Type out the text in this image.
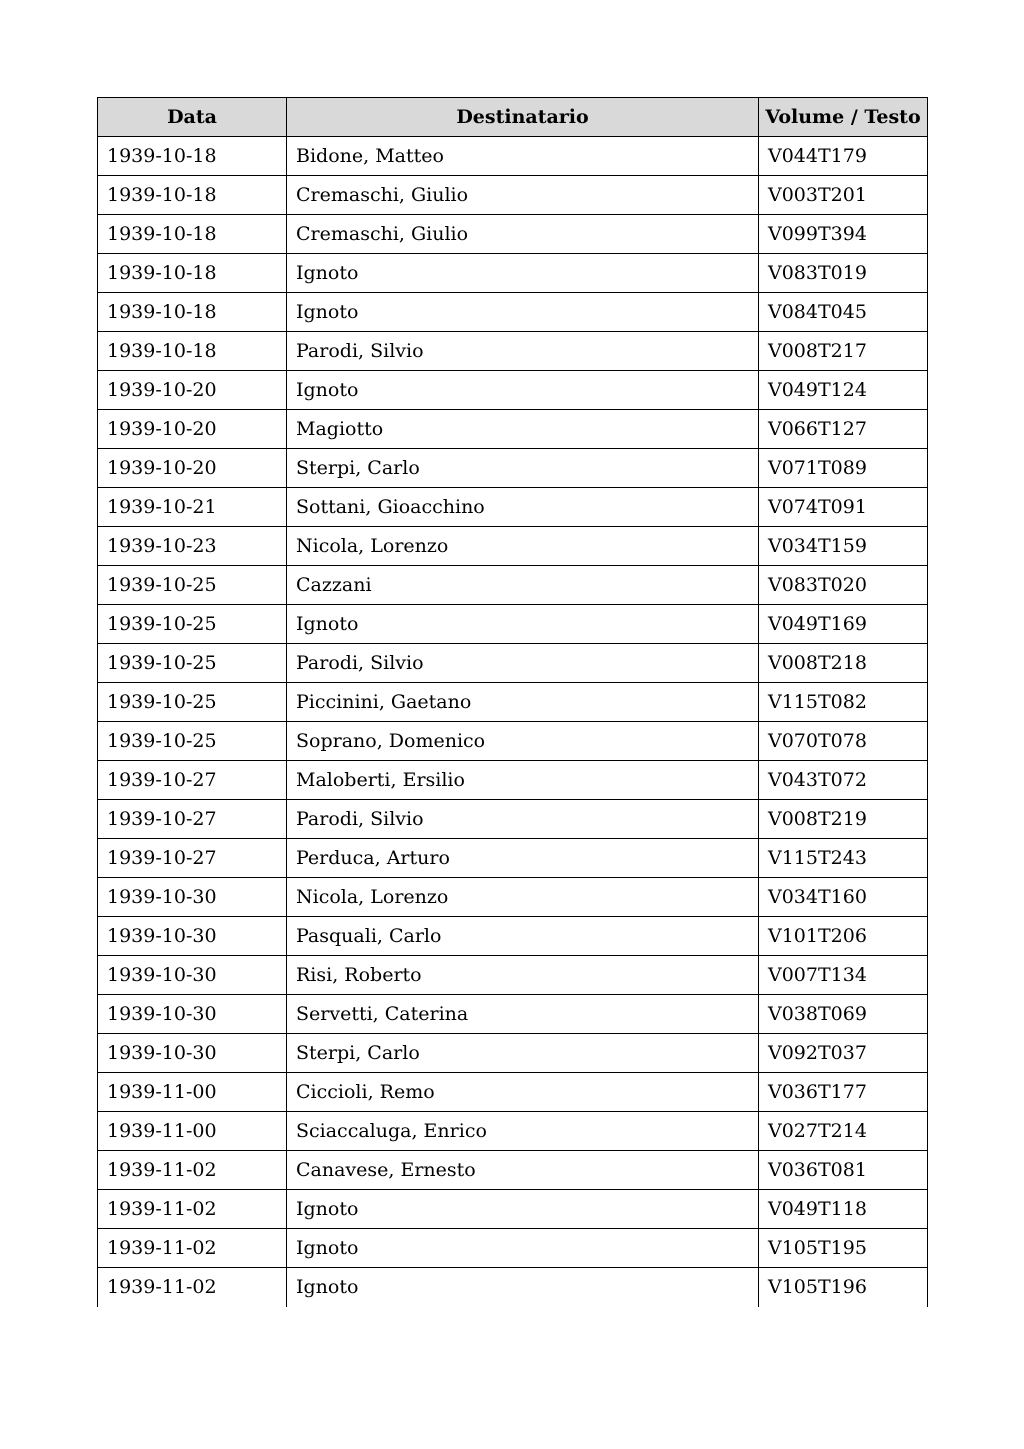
Data	Destinatario	Volume / Testo
1939-10-18	Bidone, Matteo	V044T179
1939-10-18	Cremaschi, Giulio	V003T201
1939-10-18	Cremaschi, Giulio	V099T394
1939-10-18	Ignoto	V083T019
1939-10-18	Ignoto	V084T045
1939-10-18	Parodi, Silvio	V008T217
1939-10-20	Ignoto	V049T124
1939-10-20	Magiotto	V066T127
1939-10-20	Sterpi, Carlo	V071T089
1939-10-21	Sottani, Gioacchino	V074T091
1939-10-23	Nicola, Lorenzo	V034T159
1939-10-25	Cazzani	V083T020
1939-10-25	Ignoto	V049T169
1939-10-25	Parodi, Silvio	V008T218
1939-10-25	Piccinini, Gaetano	V115T082
1939-10-25	Soprano, Domenico	V070T078
1939-10-27	Maloberti, Ersilio	V043T072
1939-10-27	Parodi, Silvio	V008T219
1939-10-27	Perduca, Arturo	V115T243
1939-10-30	Nicola, Lorenzo	V034T160
1939-10-30	Pasquali, Carlo	V101T206
1939-10-30	Risi, Roberto	V007T134
1939-10-30	Servetti, Caterina	V038T069
1939-10-30	Sterpi, Carlo	V092T037
1939-11-00	Ciccioli, Remo	V036T177
1939-11-00	Sciaccaluga, Enrico	V027T214
1939-11-02	Canavese, Ernesto	V036T081
1939-11-02	Ignoto	V049T118
1939-11-02	Ignoto	V105T195
1939-11-02	Ignoto	V105T196
